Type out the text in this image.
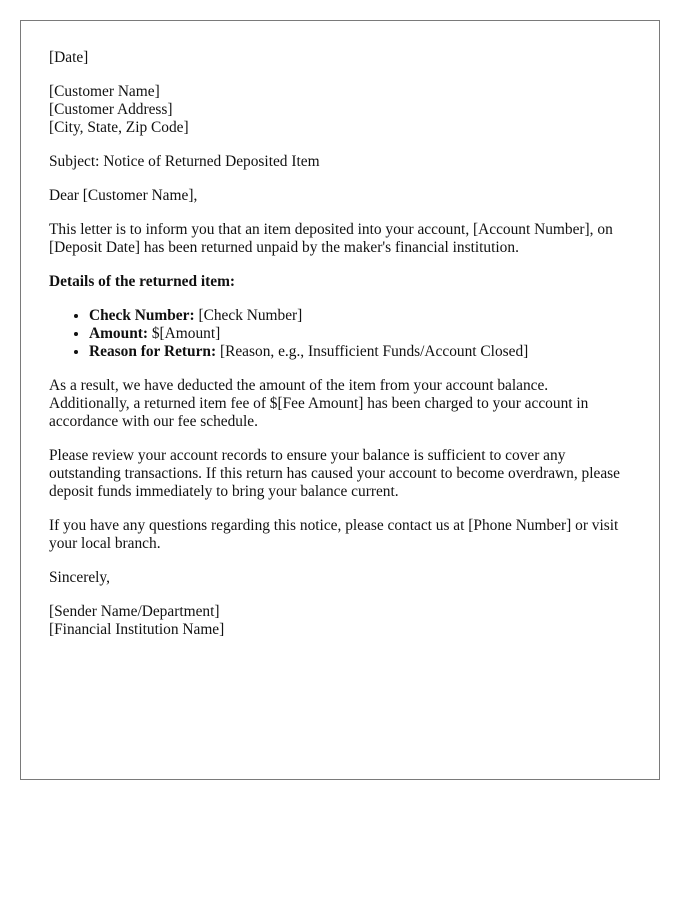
[Date]

[Customer Name]
[Customer Address]
[City, State, Zip Code]

Subject: Notice of Returned Deposited Item

Dear [Customer Name],

This letter is to inform you that an item deposited into your account, [Account Number], on [Deposit Date] has been returned unpaid by the maker's financial institution.

Details of the returned item:

• Check Number: [Check Number]
• Amount: $[Amount]
• Reason for Return: [Reason, e.g., Insufficient Funds/Account Closed]

As a result, we have deducted the amount of the item from your account balance. Additionally, a returned item fee of $[Fee Amount] has been charged to your account in accordance with our fee schedule.

Please review your account records to ensure your balance is sufficient to cover any outstanding transactions. If this return has caused your account to become overdrawn, please deposit funds immediately to bring your balance current.

If you have any questions regarding this notice, please contact us at [Phone Number] or visit your local branch.

Sincerely,

[Sender Name/Department]
[Financial Institution Name]
